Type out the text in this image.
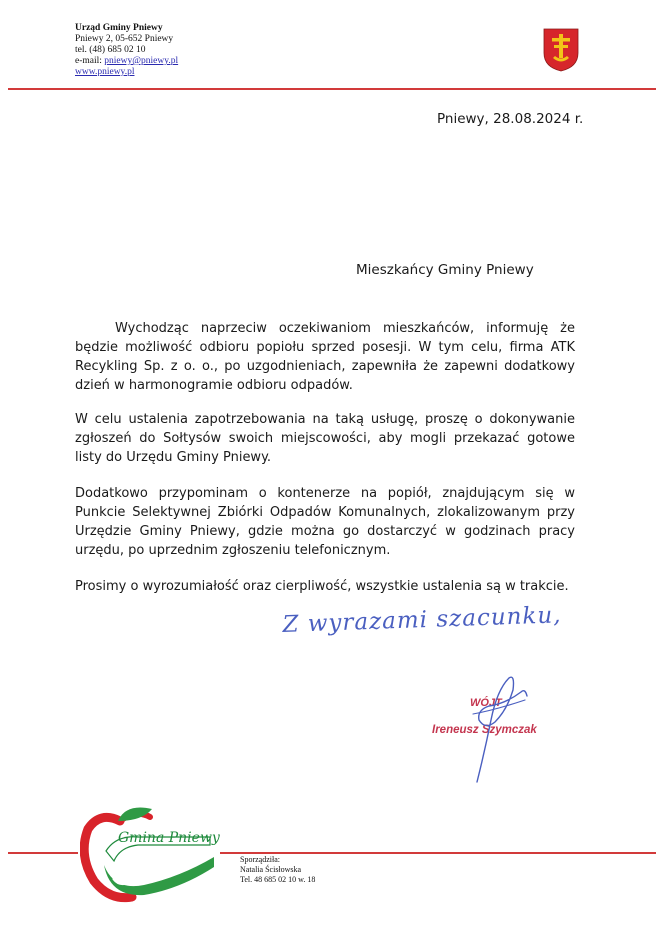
Urząd Gminy Pniewy
Pniewy 2, 05-652 Pniewy
tel. (48) 685 02 10
e-mail: pniewy@pniewy.pl
www.pniewy.pl
Pniewy, 28.08.2024 r.
Mieszkańcy Gminy Pniewy
Wychodząc naprzeciw oczekiwaniom mieszkańców, informuję że będzie możliwość odbioru popiołu sprzed posesji. W tym celu, firma ATK Recykling Sp. z o. o., po uzgodnieniach, zapewniła że zapewni dodatkowy dzień w harmonogramie odbioru odpadów.
W celu ustalenia zapotrzebowania na taką usługę, proszę o dokonywanie zgłoszeń do Sołtysów swoich miejscowości, aby mogli przekazać gotowe listy do Urzędu Gminy Pniewy.
Dodatkowo przypominam o kontenerze na popiół, znajdującym się w Punkcie Selektywnej Zbiórki Odpadów Komunalnych, zlokalizowanym przy Urzędzie Gminy Pniewy, gdzie można go dostarczyć w godzinach pracy urzędu, po uprzednim zgłoszeniu telefonicznym.
Prosimy o wyrozumiałość oraz cierpliwość, wszystkie ustalenia są w trakcie.
Z wyrazami szacunku,
WÓJT
Ireneusz Szymczak
Gmina Pniewy
Owocna przyszłość	Sporządziła:
Natalia Ścisłowska
Tel. 48 685 02 10 w. 18
